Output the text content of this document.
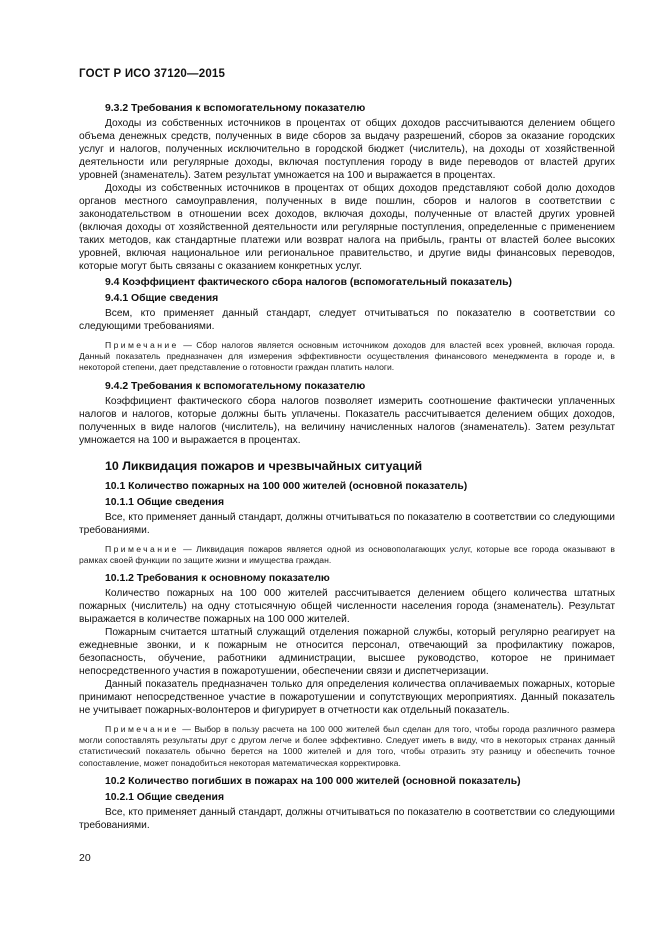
ГОСТ Р ИСО 37120—2015
9.3.2 Требования к вспомогательному показателю

Доходы из собственных источников в процентах от общих доходов рассчитываются делением общего объема денежных средств, полученных в виде сборов за выдачу разрешений, сборов за оказание городских услуг и налогов, полученных исключительно в городской бюджет (числитель), на доходы от хозяйственной деятельности или регулярные доходы, включая поступления городу в виде переводов от властей других уровней (знаменатель). Затем результат умножается на 100 и выражается в процентах.

Доходы из собственных источников в процентах от общих доходов представляют собой долю доходов органов местного самоуправления, полученных в виде пошлин, сборов и налогов в соответствии с законодательством в отношении всех доходов, включая доходы, полученные от властей других уровней (включая доходы от хозяйственной деятельности или регулярные поступления, определенные с применением таких методов, как стандартные платежи или возврат налога на прибыль, гранты от властей более высоких уровней, включая национальное или региональное правительство, и другие виды финансовых переводов, которые могут быть связаны с оказанием конкретных услуг.

9.4 Коэффициент фактического сбора налогов (вспомогательный показатель)
9.4.1 Общие сведения

Всем, кто применяет данный стандарт, следует отчитываться по показателю в соответствии со следующими требованиями.

Примечание — Сбор налогов является основным источником доходов для властей всех уровней, включая города. Данный показатель предназначен для измерения эффективности осуществления финансового менеджмента в городе и, в некоторой степени, дает представление о готовности граждан платить налоги.

9.4.2 Требования к вспомогательному показателю

Коэффициент фактического сбора налогов позволяет измерить соотношение фактически уплаченных налогов и налогов, которые должны быть уплачены. Показатель рассчитывается делением общих доходов, полученных в виде налогов (числитель), на величину начисленных налогов (знаменатель). Затем результат умножается на 100 и выражается в процентах.

10 Ликвидация пожаров и чрезвычайных ситуаций
10.1 Количество пожарных на 100 000 жителей (основной показатель)
10.1.1 Общие сведения

Все, кто применяет данный стандарт, должны отчитываться по показателю в соответствии со следующими требованиями.

Примечание — Ликвидация пожаров является одной из основополагающих услуг, которые все города оказывают в рамках своей функции по защите жизни и имущества граждан.

10.1.2 Требования к основному показателю

Количество пожарных на 100 000 жителей рассчитывается делением общего количества штатных пожарных (числитель) на одну стотысячную общей численности населения города (знаменатель). Результат выражается в количестве пожарных на 100 000 жителей.

Пожарным считается штатный служащий отделения пожарной службы, который регулярно реагирует на ежедневные звонки, и к пожарным не относится персонал, отвечающий за профилактику пожаров, безопасность, обучение, работники администрации, высшее руководство, которое не принимает непосредственного участия в пожаротушении, обеспечении связи и диспетчеризации.

Данный показатель предназначен только для определения количества оплачиваемых пожарных, которые принимают непосредственное участие в пожаротушении и сопутствующих мероприятиях. Данный показатель не учитывает пожарных-волонтеров и фигурирует в отчетности как отдельный показатель.

Примечание — Выбор в пользу расчета на 100 000 жителей был сделан для того, чтобы города различного размера могли сопоставлять результаты друг с другом легче и более эффективно. Следует иметь в виду, что в некоторых странах данный статистический показатель обычно берется на 1000 жителей и для того, чтобы отразить эту разницу и обеспечить точное сопоставление, может понадобиться некоторая математическая корректировка.

10.2 Количество погибших в пожарах на 100 000 жителей (основной показатель)
10.2.1 Общие сведения

Все, кто применяет данный стандарт, должны отчитываться по показателю в соответствии со следующими требованиями.

20
